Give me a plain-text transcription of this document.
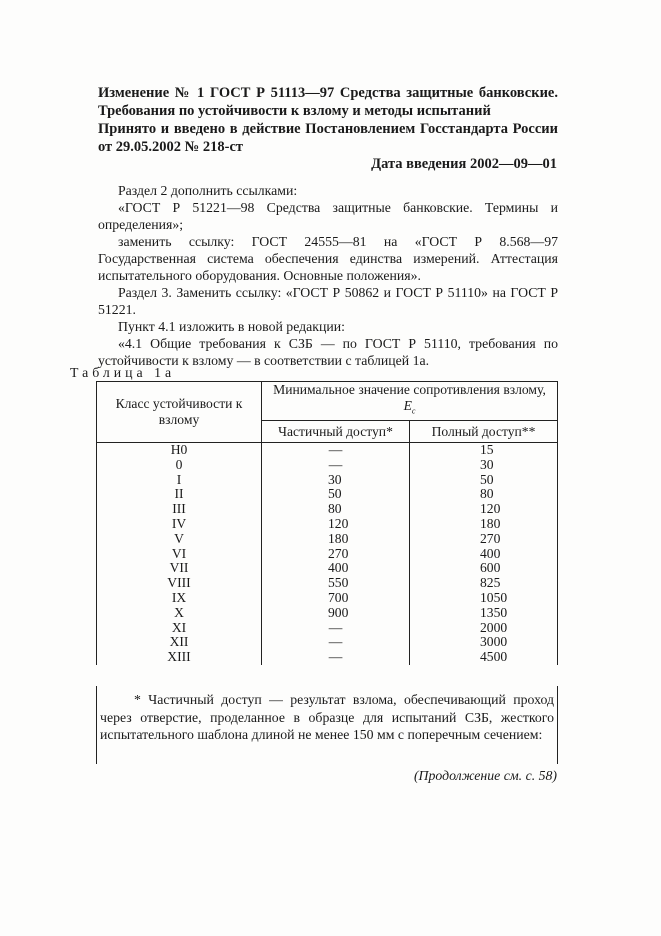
Изменение № 1 ГОСТ Р 51113—97 Средства защитные банковские. Требования по устойчивости к взлому и методы испытаний
Принято и введено в действие Постановлением Госстандарта России от 29.05.2002 № 218-ст
Дата введения 2002—09—01

Раздел 2 дополнить ссылками:

«ГОСТ Р 51221—98 Средства защитные банковские. Термины и определения»;

заменить ссылку: ГОСТ 24555—81 на «ГОСТ Р 8.568—97 Государственная система обеспечения единства измерений. Аттестация испытательного оборудования. Основные положения».

Раздел 3. Заменить ссылку: «ГОСТ Р 50862 и ГОСТ Р 51110» на ГОСТ Р 51221.

Пункт 4.1 изложить в новой редакции:

«4.1 Общие требования к СЗБ — по ГОСТ Р 51110, требования по устойчивости к взлому — в соответствии с таблицей 1а.

Таблица 1а
Класс устойчивости к взлому	Минимальное значение сопротивления взлому,
$E_c$
	Частичный доступ*	Полный доступ**
Н0	—	15
0	—	30
I	30	50
II	50	80
III	80	120
IV	120	180
V	180	270
VI	270	400
VII	400	600
VIII	550	825
IX	700	1050
X	900	1350
XI	—	2000
XII	—	3000
XIII	—	4500

* Частичный доступ — результат взлома, обеспечивающий проход через отверстие, проделанное в образце для испытаний СЗБ, жесткого испытательного шаблона длиной не менее 150 мм с поперечным сечением:

(Продолжение см. с. 58)
